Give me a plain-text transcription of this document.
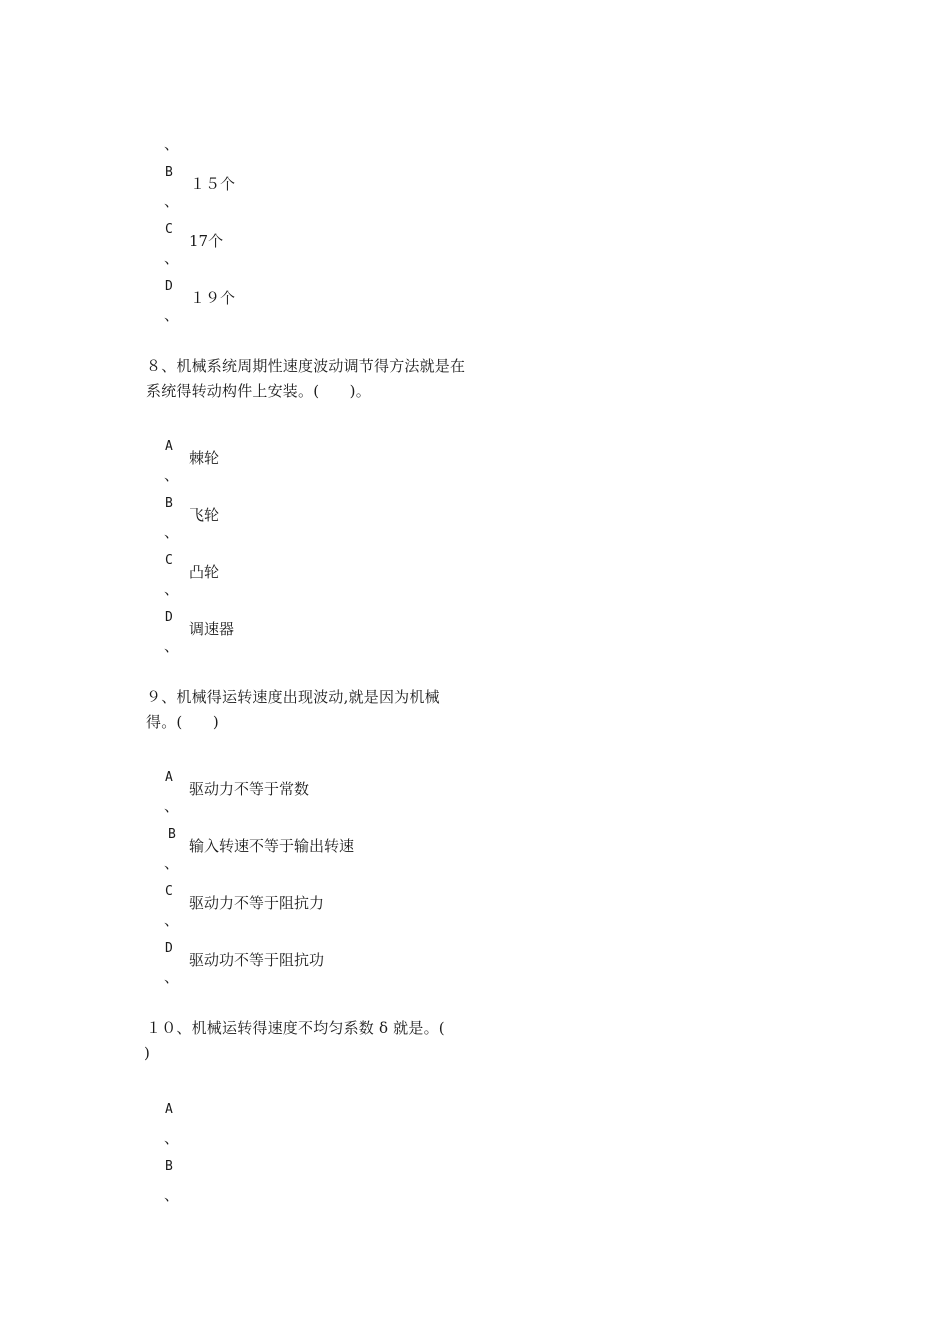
、
B
１５个
、
C
17个
、
D
１９个
、
８、机械系统周期性速度波动调节得方法就是在
系统得转动构件上安装。(　　)。
A
棘轮
、
B
飞轮
、
C
凸轮
、
D
调速器
、
９、机械得运转速度出现波动,就是因为机械
得。(　　)
A
驱动力不等于常数
、
B
输入转速不等于输出转速
、
C
驱动力不等于阻抗力
、
D
驱动功不等于阻抗功
、
１０、机械运转得速度不均匀系数 δ 就是。(
)
A
、
B
、
